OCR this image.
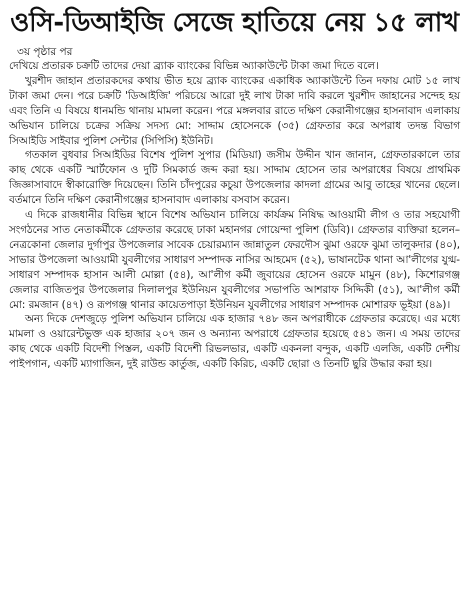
ওসি-ডিআইজি সেজে হাতিয়ে নেয় ১৫ লাখ
৩য় পৃষ্ঠার পর

দেখিয়ে প্রতারক চক্রটি তাদের দেয়া ব্র্যাক ব্যাংকের বিভিন্ন অ্যাকাউন্টে টাকা জমা দিতে বলে।

খুরশীদ জাহান প্রতারকদের কথায় ভীত হয়ে ব্র্যাক ব্যাংকের একাধিক অ্যাকাউন্টে তিন দফায় মোট ১৫ লাখ টাকা জমা দেন। পরে চক্রটি 'ডিআইজি' পরিচয়ে আরো দুই লাখ টাকা দাবি করলে খুরশীদ জাহানের সন্দেহ হয় এবং তিনি এ বিষয়ে ধানমন্ডি থানায় মামলা করেন। পরে মঙ্গলবার রাতে দক্ষিণ কেরানীগঞ্জের হাসনাবাদ এলাকায় অভিযান চালিয়ে চক্রের সক্রিয় সদস্য মো: সাদ্দাম হোসেনকে (৩৫) গ্রেফতার করে অপরাধ তদন্ত বিভাগ সিআইডি সাইবার পুলিশ সেন্টার (সিপিসি) ইউনিট।

গতকাল বুধবার সিআইডির বিশেষ পুলিশ সুপার (মিডিয়া) জসীম উদ্দীন খান জানান, গ্রেফতারকালে তার কাছ থেকে একটি স্মার্টফোন ও দুটি সিমকার্ড জব্দ করা হয়। সাদ্দাম হোসেন তার অপরাধের বিষয়ে প্রাথমিক জিজ্ঞাসাবাদে স্বীকারোক্তি দিয়েছেন। তিনি চাঁদপুরের কচুয়া উপজেলার কাদলা গ্রামের আবু তাহের খানের ছেলে। বর্তমানে তিনি দক্ষিণ কেরানীগঞ্জের হাসনাবাদ এলাকায় বসবাস করেন।

এ দিকে রাজধানীর বিভিন্ন স্থানে বিশেষ অভিযান চালিয়ে কার্যক্রম নিষিদ্ধ আওয়ামী লীগ ও তার সহযোগী সংগঠনের সাত নেতাকর্মীকে গ্রেফতার করেছে ঢাকা মহানগর গোয়েন্দা পুলিশ (ডিবি)। গ্রেফতার ব্যক্তিরা হলেন– নেত্রকোনা জেলার দুর্গাপুর উপজেলার সাবেক চেয়ারম্যান জান্নাতুল ফেরদৌস ঝুমা ওরফে ঝুমা তালুকদার (৪০), সাভার উপজেলা আওয়ামী যুবলীগের সাধারণ সম্পাদক নাসির আহমেদ (৫২), ভাষানটেক থানা আ'লীগের যুগ্ম-সাধারণ সম্পাদক হাসান আলী মোল্লা (৫৪), আ'লীগ কর্মী জুবায়ের হোসেন ওরফে মামুন (৪৮), কিশোরগঞ্জ জেলার বাজিতপুর উপজেলার দিলালপুর ইউনিয়ন যুবলীগের সভাপতি আশরাফ সিদ্দিকী (৫১), আ'লীগ কর্মী মো: রমজান (৪৭) ও রূপগঞ্জ থানার কায়েতপাড়া ইউনিয়ন যুবলীগের সাধারণ সম্পাদক মোশারফ ভূইয়া (৪৯)।

অন্য দিকে দেশজুড়ে পুলিশ অভিযান চালিয়ে এক হাজার ৭৪৮ জন অপরাধীকে গ্রেফতার করেছে। এর মধ্যে মামলা ও ওয়ারেন্টভুক্ত এক হাজার ২০৭ জন ও অন্যান্য অপরাধে গ্রেফতার হয়েছে ৫৪১ জন। এ সময় তাদের কাছ থেকে একটি বিদেশী পিস্তল, একটি বিদেশী রিভলভার, একটি একনলা বন্দুক, একটি এলজি, একটি দেশীয় পাইপগান, একটি ম্যাগাজিন, দুই রাউন্ড কার্তুজ, একটি কিরিচ, একটি ছোরা ও তিনটি ছুরি উদ্ধার করা হয়।
